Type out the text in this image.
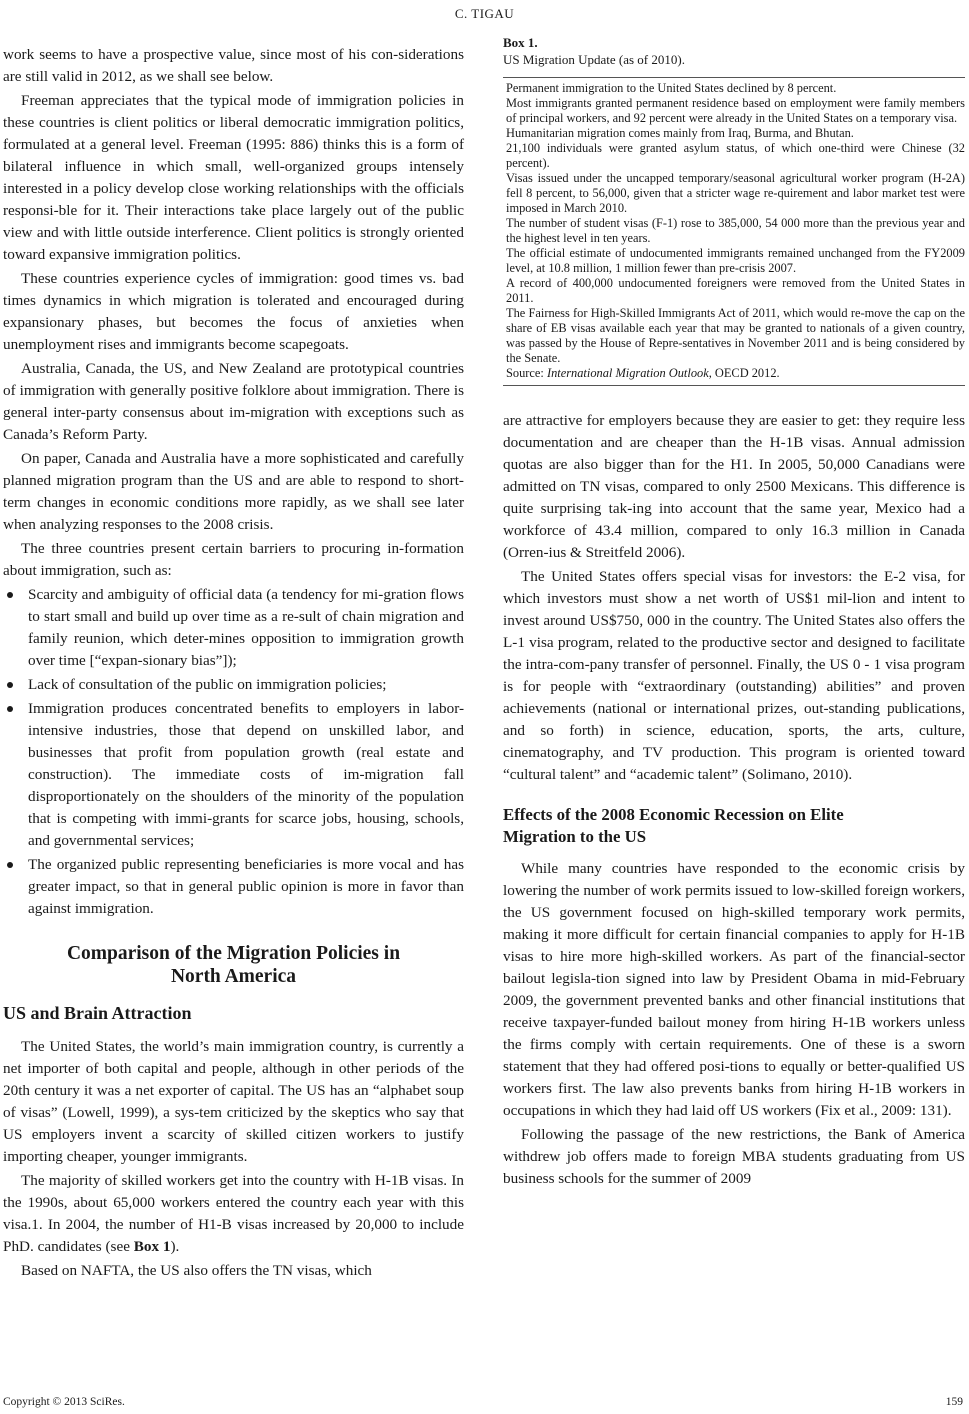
C. TIGAU

work seems to have a prospective value, since most of his con-siderations are still valid in 2012, as we shall see below.

Freeman appreciates that the typical mode of immigration policies in these countries is client politics or liberal democratic immigration politics, formulated at a general level. Freeman (1995: 886) thinks this is a form of bilateral influence in which small, well-organized groups intensely interested in a policy develop close working relationships with the officials responsi-ble for it. Their interactions take place largely out of the public view and with little outside interference. Client politics is strongly oriented toward expansive immigration politics.

These countries experience cycles of immigration: good times vs. bad times dynamics in which migration is tolerated and encouraged during expansionary phases, but becomes the focus of anxieties when unemployment rises and immigrants become scapegoats.

Australia, Canada, the US, and New Zealand are prototypical countries of immigration with generally positive folklore about immigration. There is general inter-party consensus about im-migration with exceptions such as Canada’s Reform Party.

On paper, Canada and Australia have a more sophisticated and carefully planned migration program than the US and are able to respond to short-term changes in economic conditions more rapidly, as we shall see later when analyzing responses to the 2008 crisis.

The three countries present certain barriers to procuring in-formation about immigration, such as:

Scarcity and ambiguity of official data (a tendency for mi-gration flows to start small and build up over time as a re-sult of chain migration and family reunion, which deter-mines opposition to immigration growth over time [“expan-sionary bias”]);
Lack of consultation of the public on immigration policies;
Immigration produces concentrated benefits to employers in labor-intensive industries, those that depend on unskilled labor, and businesses that profit from population growth (real estate and construction). The immediate costs of im-migration fall disproportionately on the shoulders of the minority of the population that is competing with immi-grants for scarce jobs, housing, schools, and governmental services;
The organized public representing beneficiaries is more vocal and has greater impact, so that in general public opinion is more in favor than against immigration.
Comparison of the Migration Policies in
North America
US and Brain Attraction

The United States, the world’s main immigration country, is currently a net importer of both capital and people, although in other periods of the 20th century it was a net exporter of capital. The US has an “alphabet soup of visas” (Lowell, 1999), a sys-tem criticized by the skeptics who say that US employers invent a scarcity of skilled citizen workers to justify importing cheaper, younger immigrants.

The majority of skilled workers get into the country with H-1B visas. In the 1990s, about 65,000 workers entered the country each year with this visa.1. In 2004, the number of H1-B visas increased by 20,000 to include PhD. candidates (see Box 1).

Based on NAFTA, the US also offers the TN visas, which

Box 1.
US Migration Update (as of 2010).

Permanent immigration to the United States declined by 8 percent.

Most immigrants granted permanent residence based on employment were family members of principal workers, and 92 percent were already in the United States on a temporary visa.

Humanitarian migration comes mainly from Iraq, Burma, and Bhutan.

21,100 individuals were granted asylum status, of which one-third were Chinese (32 percent).

Visas issued under the uncapped temporary/seasonal agricultural worker program (H-2A) fell 8 percent, to 56,000, given that a stricter wage re-quirement and labor market test were imposed in March 2010.

The number of student visas (F-1) rose to 385,000, 54 000 more than the previous year and the highest level in ten years.

The official estimate of undocumented immigrants remained unchanged from the FY2009 level, at 10.8 million, 1 million fewer than pre-crisis 2007.

A record of 400,000 undocumented foreigners were removed from the United States in 2011.

The Fairness for High-Skilled Immigrants Act of 2011, which would re-move the cap on the share of EB visas available each year that may be granted to nationals of a given country, was passed by the House of Repre-sentatives in November 2011 and is being considered by the Senate.

Source: International Migration Outlook, OECD 2012.

are attractive for employers because they are easier to get: they require less documentation and are cheaper than the H-1B visas. Annual admission quotas are also bigger than for the H1. In 2005, 50,000 Canadians were admitted on TN visas, compared to only 2500 Mexicans. This difference is quite surprising tak-ing into account that the same year, Mexico had a workforce of 43.4 million, compared to only 16.3 million in Canada (Orren-ius & Streitfeld 2006).

The United States offers special visas for investors: the E-2 visa, for which investors must show a net worth of US$1 mil-lion and intent to invest around US$750, 000 in the country. The United States also offers the L-1 visa program, related to the productive sector and designed to facilitate the intra-com-pany transfer of personnel. Finally, the US 0 - 1 visa program is for people with “extraordinary (outstanding) abilities” and proven achievements (national or international prizes, out-standing publications, and so forth) in science, education, sports, the arts, culture, cinematography, and TV production. This program is oriented toward “cultural talent” and “academic talent” (Solimano, 2010).

Effects of the 2008 Economic Recession on Elite
Migration to the US

While many countries have responded to the economic crisis by lowering the number of work permits issued to low-skilled foreign workers, the US government focused on high-skilled temporary work permits, making it more difficult for certain financial companies to apply for H-1B visas to hire more high-skilled workers. As part of the financial-sector bailout legisla-tion signed into law by President Obama in mid-February 2009, the government prevented banks and other financial institutions that receive taxpayer-funded bailout money from hiring H-1B workers unless the firms comply with certain requirements. One of these is a sworn statement that they had offered posi-tions to equally or better-qualified US workers first. The law also prevents banks from hiring H-1B workers in occupations in which they had laid off US workers (Fix et al., 2009: 131).

Following the passage of the new restrictions, the Bank of America withdrew job offers made to foreign MBA students graduating from US business schools for the summer of 2009

Copyright © 2013 SciRes.	159
